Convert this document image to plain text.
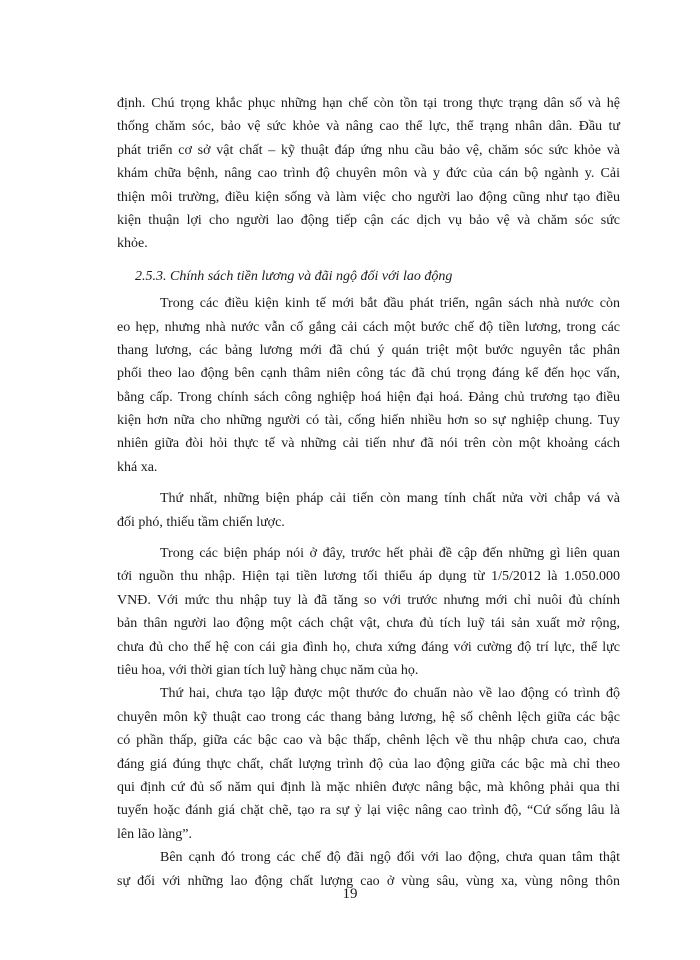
định. Chú trọng khắc phục những hạn chế còn tồn tại trong thực trạng dân số và hệ
thống chăm sóc, bảo vệ sức khỏe và nâng cao thể lực, thể trạng nhân dân. Đầu tư
phát triển cơ sở vật chất – kỹ thuật đáp ứng nhu cầu bảo vệ, chăm sóc sức khỏe và
khám chữa bệnh, nâng cao trình độ chuyên môn và y đức của cán bộ ngành y. Cải
thiện môi trường, điều kiện sống và làm việc cho người lao động cũng như tạo điều
kiện thuận lợi cho người lao động tiếp cận các dịch vụ bảo vệ và chăm sóc sức
khỏe.
2.5.3. Chính sách tiền lương và đãi ngộ đối với lao động
Trong các điều kiện kinh tế mới bắt đầu phát triển, ngân sách nhà nước còn
eo hẹp, nhưng nhà nước vẫn cố gắng cải cách một bước chế độ tiền lương, trong các
thang lương, các bảng lương mới đã chú ý quán triệt một bước nguyên tắc phân
phối theo lao động bên cạnh thâm niên công tác đã chú trọng đáng kể đến học vấn,
bằng cấp. Trong chính sách công nghiệp hoá hiện đại hoá. Đảng chủ trương tạo điều
kiện hơn nữa cho những người có tài, cống hiến nhiều hơn so sự nghiệp chung. Tuy
nhiên giữa đòi hỏi thực tế và những cải tiến như đã nói trên còn một khoảng cách
khá xa.
Thứ nhất, những biện pháp cải tiến còn mang tính chất nửa vời chắp vá và
đối phó, thiếu tầm chiến lược.
Trong các biện pháp nói ở đây, trước hết phải đề cập đến những gì liên quan
tới nguồn thu nhập. Hiện tại tiền lương tối thiểu áp dụng từ 1/5/2012 là 1.050.000
VNĐ. Với mức thu nhập tuy là đã tăng so với trước nhưng mới chỉ nuôi đủ chính
bản thân người lao động một cách chật vật, chưa đủ tích luỹ tái sản xuất mở rộng,
chưa đủ cho thế hệ con cái gia đình họ, chưa xứng đáng với cường độ trí lực, thể lực
tiêu hoa, với thời gian tích luỹ hàng chục năm của họ.
Thứ hai, chưa tạo lập được một thước đo chuẩn nào về lao động có trình độ
chuyên môn kỹ thuật cao trong các thang bảng lương, hệ số chênh lệch giữa các bậc
có phần thấp, giữa các bậc cao và bậc thấp, chênh lệch về thu nhập chưa cao, chưa
đáng giá đúng thực chất, chất lượng trình độ của lao động giữa các bậc mà chỉ theo
qui định cứ đủ số năm qui định là mặc nhiên được nâng bậc, mà không phải qua thi
tuyển hoặc đánh giá chặt chẽ, tạo ra sự ỷ lại việc nâng cao trình độ, “Cứ sống lâu là
lên lão làng”.
Bên cạnh đó trong các chế độ đãi ngộ đối với lao động, chưa quan tâm thật
sự đối với những lao động chất lượng cao ở vùng sâu, vùng xa, vùng nông thôn
19
